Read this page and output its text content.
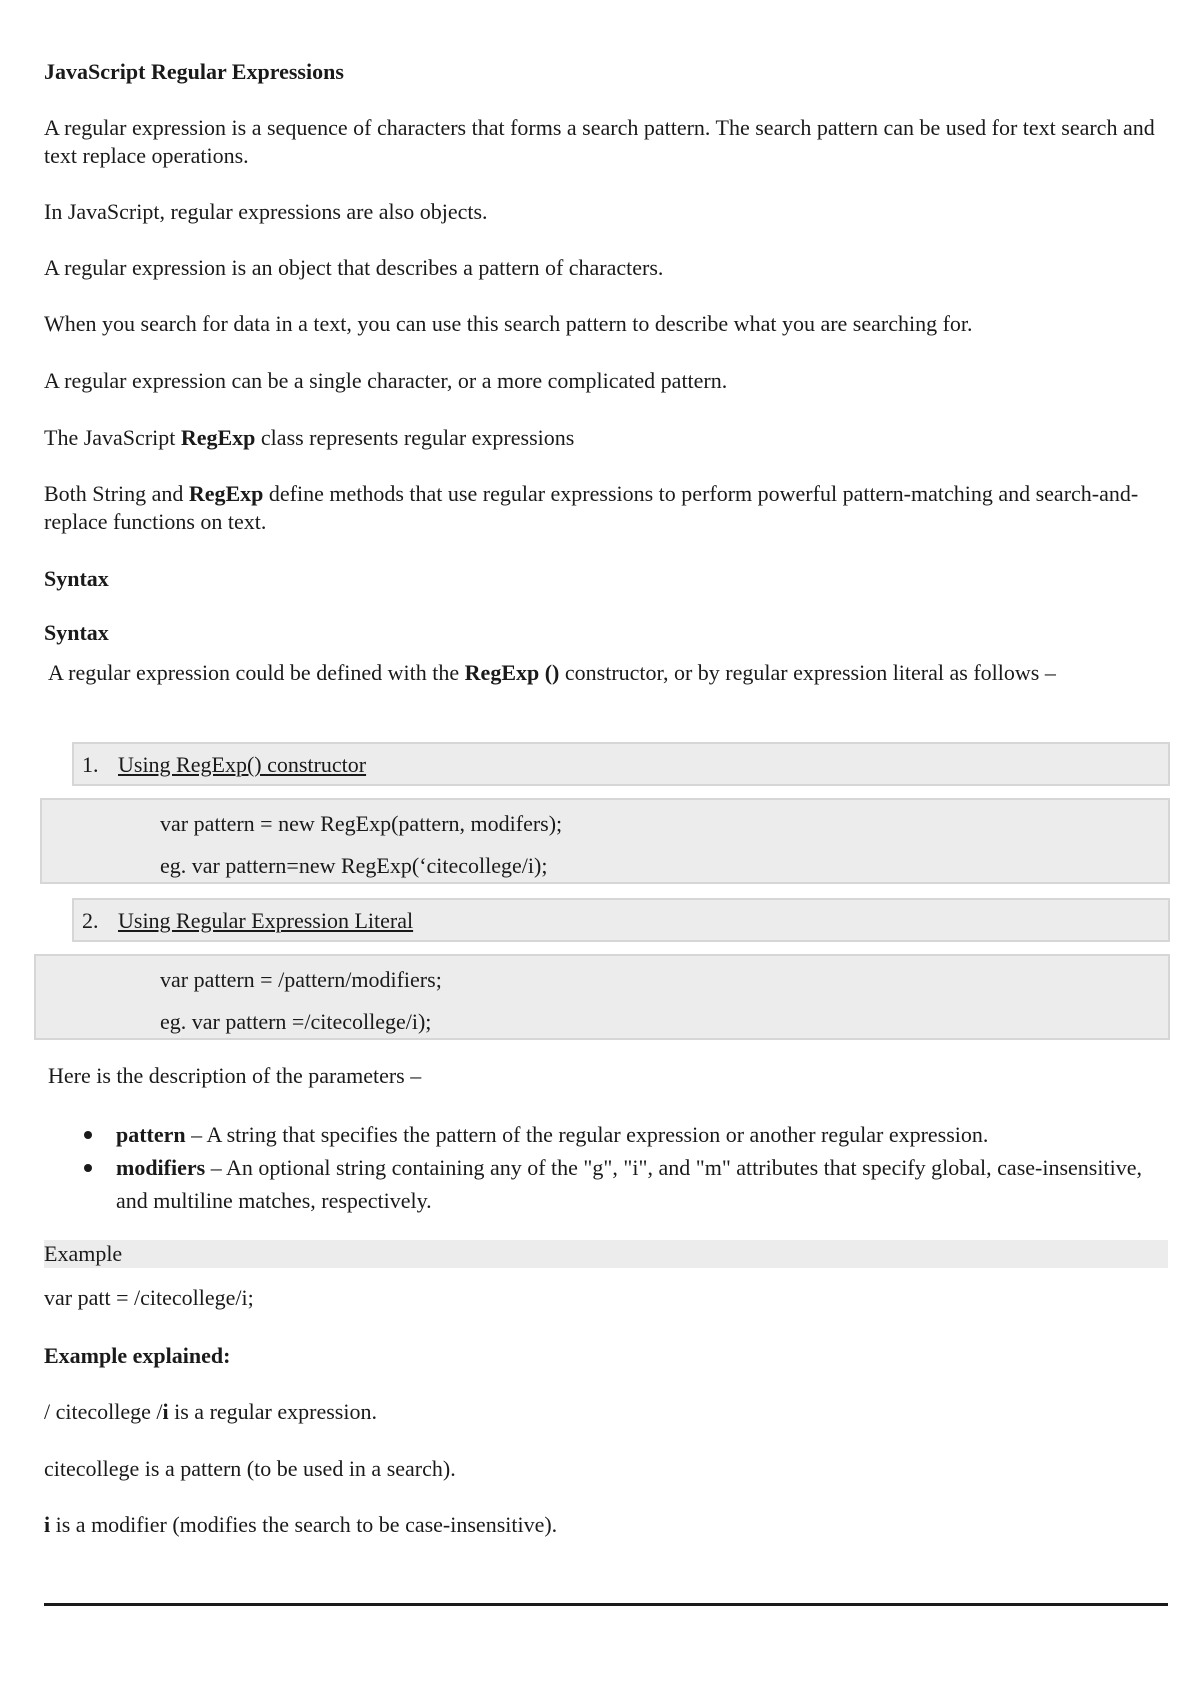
JavaScript Regular Expressions
A regular expression is a sequence of characters that forms a search pattern. The search pattern can be used for text search and text replace operations.
In JavaScript, regular expressions are also objects.
A regular expression is an object that describes a pattern of characters.
When you search for data in a text, you can use this search pattern to describe what you are searching for.
A regular expression can be a single character, or a more complicated pattern.
The JavaScript RegExp class represents regular expressions
Both String and RegExp define methods that use regular expressions to perform powerful pattern-matching and search-and-replace functions on text.
Syntax
Syntax
A regular expression could be defined with the RegExp () constructor, or by regular expression literal as follows –
1. Using RegExp() constructor
var pattern = new RegExp(pattern, modifers);
eg. var pattern=new RegExp(‘citecollege/i);
2. Using Regular Expression Literal
var pattern = /pattern/modifiers;
eg. var pattern =/citecollege/i);
Here is the description of the parameters –
pattern – A string that specifies the pattern of the regular expression or another regular expression.
modifiers – An optional string containing any of the "g", "i", and "m" attributes that specify global, case-insensitive, and multiline matches, respectively.
Example
var patt = /citecollege/i;
Example explained:
/ citecollege /i is a regular expression.
citecollege is a pattern (to be used in a search).
i is a modifier (modifies the search to be case-insensitive).
